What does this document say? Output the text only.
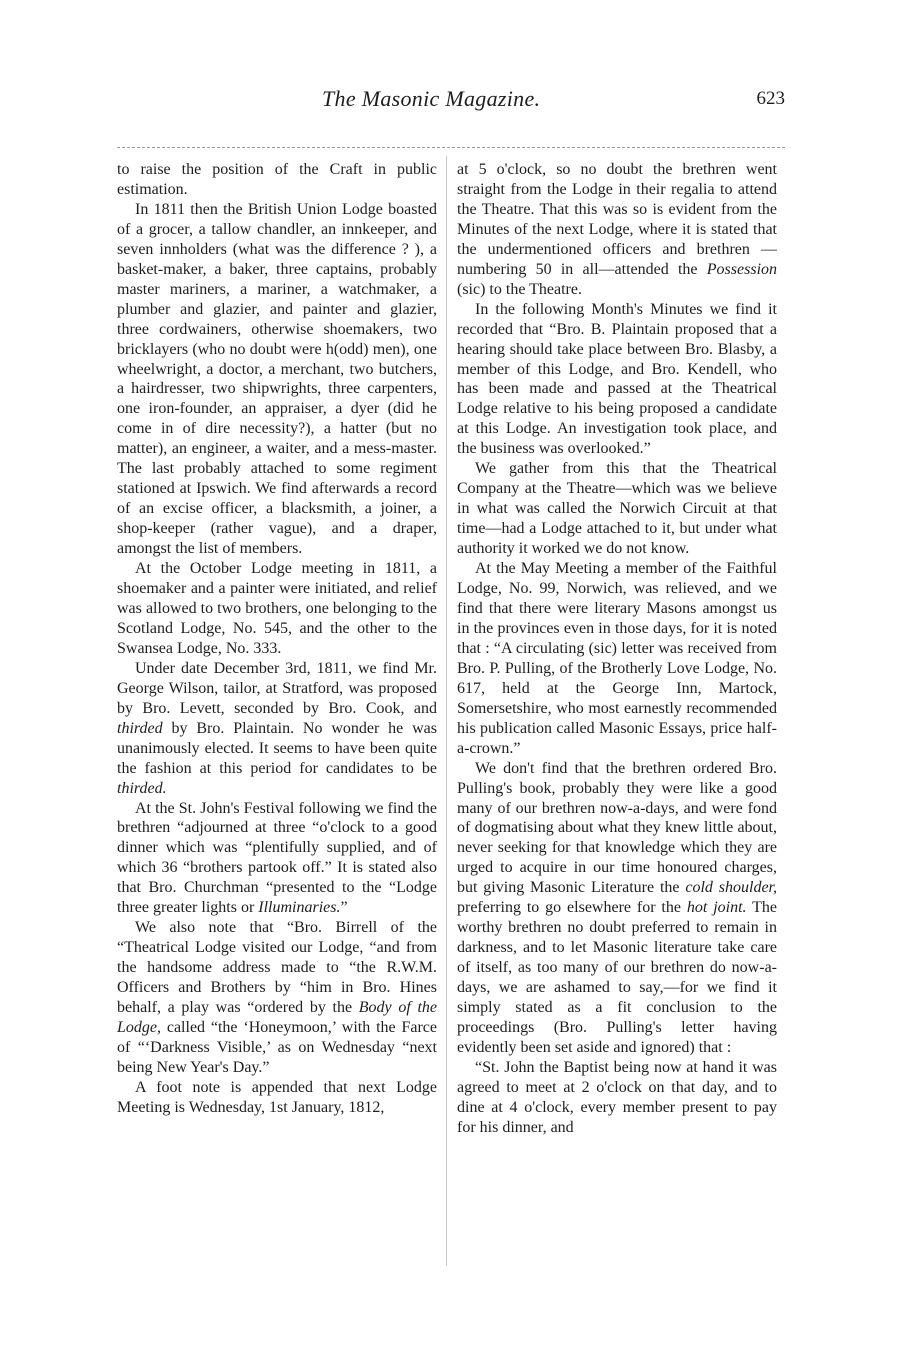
The Masonic Magazine.	623

to raise the position of the Craft in public estimation.

In 1811 then the British Union Lodge boasted of a grocer, a tallow chandler, an innkeeper, and seven innholders (what was the difference ? ), a basket-maker, a baker, three captains, probably master mariners, a mariner, a watchmaker, a plumber and glazier, and painter and glazier, three cordwainers, otherwise shoemakers, two bricklayers (who no doubt were h(odd) men), one wheelwright, a doctor, a merchant, two butchers, a hairdresser, two shipwrights, three carpenters, one iron-founder, an appraiser, a dyer (did he come in of dire necessity?), a hatter (but no matter), an engineer, a waiter, and a mess-master. The last probably attached to some regiment stationed at Ipswich. We find afterwards a record of an excise officer, a blacksmith, a joiner, a shop-keeper (rather vague), and a draper, amongst the list of members.

At the October Lodge meeting in 1811, a shoemaker and a painter were initiated, and relief was allowed to two brothers, one belonging to the Scotland Lodge, No. 545, and the other to the Swansea Lodge, No. 333.

Under date December 3rd, 1811, we find Mr. George Wilson, tailor, at Stratford, was proposed by Bro. Levett, seconded by Bro. Cook, and thirded by Bro. Plaintain. No wonder he was unanimously elected. It seems to have been quite the fashion at this period for candidates to be thirded.

At the St. John's Festival following we find the brethren “adjourned at three “o'clock to a good dinner which was “plentifully supplied, and of which 36 “brothers partook off.” It is stated also that Bro. Churchman “presented to the “Lodge three greater lights or Illuminaries.”

We also note that “Bro. Birrell of the “Theatrical Lodge visited our Lodge, “and from the handsome address made to “the R.W.M. Officers and Brothers by “him in Bro. Hines behalf, a play was “ordered by the Body of the Lodge, called “the ‘Honeymoon,’ with the Farce of “‘Darkness Visible,’ as on Wednesday “next being New Year's Day.”

A foot note is appended that next Lodge Meeting is Wednesday, 1st January, 1812,

at 5 o'clock, so no doubt the brethren went straight from the Lodge in their regalia to attend the Theatre. That this was so is evident from the Minutes of the next Lodge, where it is stated that the undermentioned officers and brethren —numbering 50 in all—attended the Possession (sic) to the Theatre.

In the following Month's Minutes we find it recorded that “Bro. B. Plaintain proposed that a hearing should take place between Bro. Blasby, a member of this Lodge, and Bro. Kendell, who has been made and passed at the Theatrical Lodge relative to his being proposed a candidate at this Lodge. An investigation took place, and the business was overlooked.”

We gather from this that the Theatrical Company at the Theatre—which was we believe in what was called the Norwich Circuit at that time—had a Lodge attached to it, but under what authority it worked we do not know.

At the May Meeting a member of the Faithful Lodge, No. 99, Norwich, was relieved, and we find that there were literary Masons amongst us in the provinces even in those days, for it is noted that : “A circulating (sic) letter was received from Bro. P. Pulling, of the Brotherly Love Lodge, No. 617, held at the George Inn, Martock, Somersetshire, who most earnestly recommended his publication called Masonic Essays, price half-a-crown.”

We don't find that the brethren ordered Bro. Pulling's book, probably they were like a good many of our brethren now-a-days, and were fond of dogmatising about what they knew little about, never seeking for that knowledge which they are urged to acquire in our time honoured charges, but giving Masonic Literature the cold shoulder, preferring to go elsewhere for the hot joint. The worthy brethren no doubt preferred to remain in darkness, and to let Masonic literature take care of itself, as too many of our brethren do now-a-days, we are ashamed to say,—for we find it simply stated as a fit conclusion to the proceedings (Bro. Pulling's letter having evidently been set aside and ignored) that :

“St. John the Baptist being now at hand it was agreed to meet at 2 o'clock on that day, and to dine at 4 o'clock, every member present to pay for his dinner, and
